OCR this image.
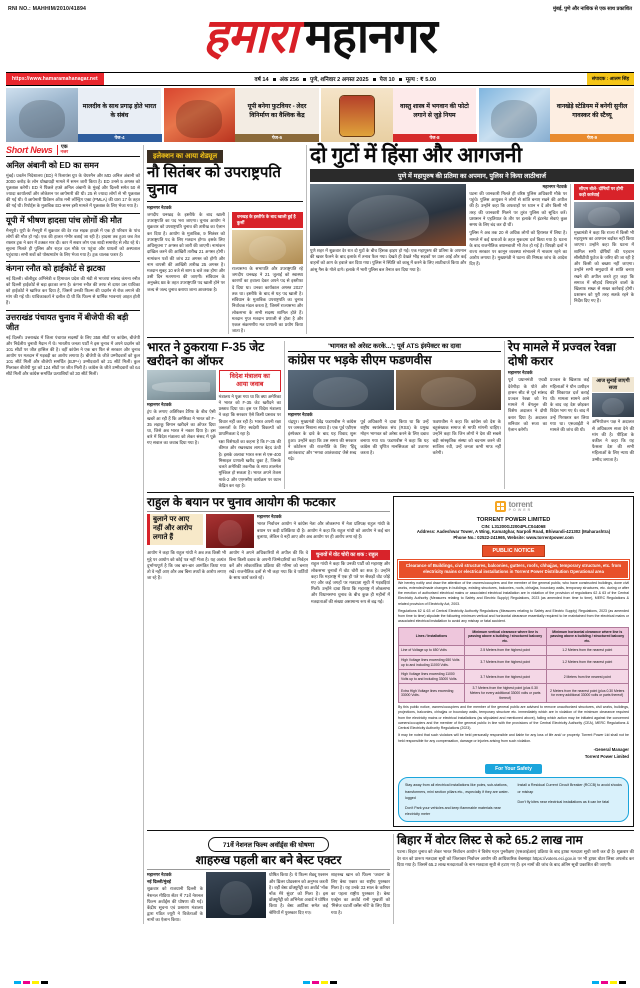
RNI NO.: MAHHIM/2010/41894	मुंबई, पुणे और नाशिक से एक साथ प्रकाशित
हमारा महानगर
https://www.hamaramahanagar.net	वर्ष 14 अंक 256 पुणे, शनिवार 2 अगस्त 2025 पेज 10 मूल्य : ₹ 5.00	संपादक : आलम सिंह
मालदीव के साथ प्रगाढ़ होते भारत के संबंध
पेज-4
यूपी बनेगा फुटवियर - लेदर विनिर्माण का वैश्विक केंद्र
पेज-6
वास्तु शास्त्र में भगवान की फोटो लगाने से जुड़े नियम
पेज-8
वानखेड़े स्टेडियम में बनेगी सुनील गावस्कर की स्टैच्यू
पेज-9
Short News	एक
नजर
अनिल अंबानी को ED का समन
मुंबई। प्रवर्तन निदेशालय (ED) ने रिलायंस ग्रुप के चेयरमैन और MD अनिल अंबानी को 3000 करोड़ के लोन धोखाधड़ी मामले में समन जारी किया है। ED उनसे 5 अगस्त को पूछताछ करेगी। ED ने पिछले हफ्ते अनिल अंबानी के मुंबई और दिल्ली समेत 50 से ज्यादा कार्यालयों और लोकेशन पर छापेमारी की थी। 25 से ज्यादा लोगों से भी पूछताछ की गई थी। ये छापेमारी प्रिवेंशन ऑफ मनी लॉन्ड्रिंग एक्ट (PMLA) की धारा 17 के तहत की गई थी। रिपोर्ट्स के मुताबिक ED समन इसी मामले में पूछताछ के लिए भेजा गया है।
यूपी में भीषण हादसा पांच लोगों की मौत
मैनपुरी। यूपी के मैनपुरी में शुक्रवार की देर रात सड़क हादसे में एक ही परिवार के पांच लोगों की मौत हो गई। एक की हालत गंभीर बताई जा रही है। हादसा तब हुआ जब तेज रफ्तार ट्रक ने कार में टक्कर मार दी। कार में सवार लोग एक शादी समारोह से लौट रहे थे। सूचना मिलते ही पुलिस और राहत दल मौके पर पहुंचा और घायलों को अस्पताल पहुंचाया। सभी शवों को पोस्टमार्टम के लिए भेजा गया है। ट्रक चालक फरार है।
कंगना रनौत को हाईकोर्ट से झटका
नई दिल्ली। बॉलीवुड अभिनेत्री व हिमाचल प्रदेश की मंडी से भाजपा सांसद कंगना रनौत को दिल्ली हाईकोर्ट से बड़ा झटका लगा है। कंगना रनौत की तरफ से दायर उस याचिका को हाईकोर्ट ने खारिज कर दिया है, जिसमें उनकी फिल्म की प्रदर्शन से रोक लगाने की मांग की गई थी। याचिकाकर्ता ने दलील दी थी कि फिल्म से धार्मिक भावनाएं आहत होती हैं।
उत्तराखंड पंचायत चुनाव में बीजेपी की बड़ी जीत
नई दिल्ली। उत्तराखंड में जिला पंचायत सदस्यों के लिए 358 सीटों पर कांग्रेस, बीजेपी और निर्दलीय चुनावी मैदान में थे। भारतीय जनता पार्टी ने इस चुनाव में अपने प्रदर्शन को 101 सीटों पर जीत हासिल की है। वहीं कांग्रेस ने एक बार फिर से सरकार और चुनाव आयोग पर मतदान में गड़बड़ी का आरोप लगाया है। बीजेपी के जीते उम्मीदवारों को कुल 101 सीटें मिलीं और बीजेपी समर्थित (BJP+) उम्मीदवारों को 21 सीटें मिलीं। कुल मिलाकर बीजेपी गुट को 124 सीटों पर जीत मिली है। कांग्रेस के जीते उम्मीदवारों को 64 सीटें मिलीं और कांग्रेस समर्थित प्रत्याशियों को 30 सीटें मिलीं।
इलेक्शन का आया शेड्यूल
नौ सितंबर को उपराष्ट्रपति चुनाव
महानगर नेटवर्क
जगदीप धनखड़ के इस्तीफे के बाद खाली उपराष्ट्रपति का पद भरा जाएगा। चुनाव आयोग ने शुक्रवार को उपराष्ट्रपति चुनाव की तारीख का ऐलान कर दिया है। आयोग के मुताबिक, 9 सितंबर को उपराष्ट्रपति पद के लिए मतदान होगा। इसके लिए अधिसूचना 7 अगस्त को जारी की जाएगी। नामांकन दाखिल करने की आखिरी तारीख 21 अगस्त होगी। नामांकन पत्रों की जांच 22 अगस्त को होगी और नाम वापसी की आखिरी तारीख 25 अगस्त है। मतदान सुबह 10 बजे से शाम 5 बजे तक होगा और उसी दिन मतगणना की जाएगी। संविधान के अनुच्छेद 68 के तहत उपराष्ट्रपति पद खाली होने पर जल्द से जल्द चुनाव कराया जाना आवश्यक है।
धनखड़ के इस्तीफे के बाद खाली हुई है कुर्सी
राज्यसभा के सभापति और उपराष्ट्रपति रहे जगदीप धनखड़ ने 21 जुलाई को स्वास्थ्य कारणों का हवाला देकर अपने पद से इस्तीफा दे दिया था। उनका कार्यकाल अगस्त 2027 तक था। इस्तीफे के बाद से यह पद खाली है। संविधान के मुताबिक उपराष्ट्रपति का चुनाव निर्वाचक मंडल करता है, जिसमें राज्यसभा और लोकसभा के सभी सदस्य शामिल होते हैं। मतदान गुप्त मतदान प्रणाली से होता है और एकल संक्रमणीय मत प्रणाली का प्रयोग किया जाता है।
दो गुटों में हिंसा और आगजनी
पुणे में महापुरुष की प्रतिमा का अपमान, पुलिस ने किया लाठीचार्ज
पुणे शहर में शुक्रवार देर रात दो गुटों के बीच हिंसक झड़प हो गई। एक महापुरुष की प्रतिमा के अपमान की खबर फैलने के बाद इलाके में तनाव फैल गया। देखते ही देखते भीड़ सड़कों पर उतर आई और कई वाहनों को आग के हवाले कर दिया गया। पुलिस ने स्थिति को काबू में करने के लिए लाठीचार्ज किया और आंसू गैस के गोले दागे। इलाके में भारी पुलिस बल तैनात कर दिया गया है।
महानगर नेटवर्क
घटना की जानकारी मिलते ही वरिष्ठ पुलिस अधिकारी मौके पर पहुंचे। पुलिस आयुक्त ने लोगों से शांति बनाए रखने की अपील की है। उन्होंने कहा कि अफवाहों पर ध्यान न दें और किसी भी तरह की जानकारी मिलने पर तुरंत पुलिस को सूचित करें। प्रशासन ने एहतियात के तौर पर इलाके में इंटरनेट सेवाएं कुछ समय के लिए बंद कर दी थीं।
पुलिस ने अब तक 20 से अधिक लोगों को हिरासत में लिया है। मामले में कई धाराओं के तहत मुकदमा दर्ज किया गया है। घटना के बाद राजनीतिक बयानबाजी भी तेज हो गई है। विपक्षी दलों ने राज्य सरकार पर कानून व्यवस्था संभालने में नाकाम रहने का आरोप लगाया है। मुख्यमंत्री ने घटना की निष्पक्ष जांच के आदेश दिए हैं।
सीएम बोले- दोषियों पर होगी कड़ी कार्रवाई
मुख्यमंत्री ने कहा कि राज्य में किसी भी महापुरुष का अपमान बर्दाश्त नहीं किया जाएगा। उन्होंने कहा कि घटना में शामिल सभी दोषियों की पहचान सीसीटीवी फुटेज के जरिए की जा रही है और किसी को बख्शा नहीं जाएगा। उन्होंने सभी समुदायों से शांति बनाए रखने की अपील करते हुए कहा कि समाज में सौहार्द बिगाड़ने वालों के खिलाफ सख्त से सख्त कार्रवाई होगी। प्रशासन को पूरी तरह सतर्क रहने के निर्देश दिए गए हैं।
भारत ने ठुकराया F-35 जेट खरीदने का ऑफर
महानगर नेटवर्क
ट्रंप के लगाए अतिरिक्त टैरिफ के बीच ऐसी खबरें आ रही हैं कि अमेरिका ने भारत को F-35 लड़ाकू विमान खरीदने का ऑफर दिया था, जिसे अब भारत ने नकार दिया है। इस बारे में विदेश मंत्रालय को लेकर संसद में पूछे गए सवाल का जवाब दिया गया है।
विदेश मंत्रालय का आया जवाब
मंत्रालय ने पूछा गया था कि क्या अमेरिका ने भारत को F-35 जेट खरीदने का प्रस्ताव दिया था। इस पर विदेश मंत्रालय ने कहा कि सरकार ऐसे किसी प्रस्ताव पर विचार नहीं कर रही है। भारत अपनी रक्षा जरूरतों के लिए स्वदेशी विकल्पों को प्राथमिकता दे रहा है।
रक्षा विशेषज्ञों का कहना है कि F-35 की कीमत और रखरखाव लागत बेहद ऊंची है। इसके अलावा भारत रूस से एस-400 मिसाइल प्रणाली खरीद चुका है, जिसके चलते अमेरिकी तकनीक के साथ तालमेल मुश्किल हो सकता है। भारत अपने तेजस मार्क-2 और एएमसीए कार्यक्रम पर ध्यान केंद्रित कर रहा है।
'भागवत को अरेस्ट करके...'; पूर्व ATS इंस्पेक्टर का दावा
कांग्रेस पर भड़के सीएम फडणवीस
महानगर नेटवर्क
चंद्रपुर। मुख्यमंत्री देवेंद्र फडणवीस ने कांग्रेस पर जमकर निशाना साधा है। एक पूर्व एटीएस इंस्पेक्टर के दावे के बाद यह विवाद शुरू हुआ। उन्होंने कहा कि उस समय की सरकार ने कोर्टरूम की राजनीति के लिए 'हिंदू आतंकवाद' और 'भगवा आतंकवाद' जैसे शब्द गढ़े।
पूर्व अधिकारी ने दावा किया था कि उन्हें राष्ट्रीय स्वयंसेवक संघ (RSS) के प्रमुख मोहन भागवत को अरेस्ट करने के लिए दबाव बनाया गया था। फडणवीस ने कहा कि यह कांग्रेस की घृणित मानसिकता को उजागर करता है।
फडणवीस ने कहा कि कांग्रेस को देश के बहुसंख्यक समाज से माफी मांगनी चाहिए। उन्होंने कहा कि जिन लोगों ने देश की सबसे बड़ी सांस्कृतिक संस्था को बदनाम करने की साजिश रची, उन्हें जनता कभी माफ नहीं करेगी।
रेप मामले में प्रज्वल रेवन्ना दोषी करार
महानगर नेटवर्क
पूर्व प्रधानमंत्री एचडी देवेगौड़ा के पोते और हासन सीट से पूर्व सांसद प्रज्वल रेवन्ना को रेप मामले में बेंगलुरु की विशेष अदालत ने दोषी करार दिया है। अदालत शनिवार को सजा का ऐलान करेगी।
प्रज्वल के खिलाफ कई महिलाओं ने यौन उत्पीड़न की शिकायत दर्ज कराई थी। मामला सामने आने के बाद वह देश छोड़कर विदेश भाग गए थे। बाद में उन्हें गिरफ्तार कर लिया गया था। एसआईटी ने मामले की जांच की थी।
आज सुनाई जाएगी सजा
अभियोजन पक्ष ने अदालत से अधिकतम सजा देने की मांग की है। पीड़िता के वकील ने कहा कि यह फैसला देश की सभी महिलाओं के लिए न्याय की उम्मीद जगाता है।
राहुल के बयान पर चुनाव आयोग की फटकार
बुलाने पर आए नहीं और आरोप लगाते हैं
महानगर नेटवर्क
भारत निर्वाचन आयोग ने कांग्रेस नेता और लोकसभा में नेता प्रतिपक्ष राहुल गांधी के बयान पर कड़ी प्रतिक्रिया दी है। आयोग ने कहा कि राहुल गांधी को आयोग ने कई बार बुलाया, लेकिन वे नहीं आए और अब आयोग पर ही आरोप लगा रहे हैं।
आयोग ने कहा कि राहुल गांधी ने अब तक किसी भी मुद्दे पर आयोग को कोई पत्र नहीं भेजा है। यह अत्यंत दुर्भाग्यपूर्ण है कि जब बार-बार आमंत्रित किया गया तो वे नहीं आए और अब बिना तथ्यों के आरोप लगाए जा रहे हैं।
आयोग ने अपने अधिकारियों से अपील की कि वे बिना किसी दबाव के अपनी जिम्मेदारियों का निर्वहन करें और लोकतांत्रिक प्रक्रिया की गरिमा को बनाए रखें। राजनीतिक दलों से भी कहा गया कि वे पार्टियों के साथ कार्य करते रहें।
चुनावों में वोट चोरी का शक : राहुल
राहुल गांधी ने कहा कि उनकी पार्टी को महाराष्ट्र और लोकसभा चुनावों में वोट चोरी का शक है। उन्होंने कहा कि महाराष्ट्र में एक ही पते पर सैकड़ों वोट जोड़े गए और कई जगहों पर मतदाता सूची में गड़बड़ियां मिलीं। उन्होंने दावा किया कि महाराष्ट्र में लोकसभा और विधानसभा चुनाव के बीच कुछ ही महीनों में मतदाताओं की संख्या असामान्य रूप से बढ़ गई।
torrent
POWER
TORRENT POWER LIMITED
CIN: L31200GJ2004PLC044068
Address: Aadeshwar Tower, A Wing, Kamatghar, Narpoli Road, Bhiwandi-421302 (Maharashtra)
Phone No.: 02522-241965, Website: www.torrentpower.com
PUBLIC NOTICE
Clearance of Buildings, civil structures, balconies, gutters, roofs, chhajjas, temporary structure, etc. from electricity mains or electrical installations in Torrent Power Distribution Operational area
We hereby notify and draw the attention of the owners/occupiers and the member of the general public, who have constructed buildings, done civil works, extended/made changes in buildings, existing structures, balconies, roofs, chhajjas, boundary walls, temporary structures, etc. during or after the erection of authorised electrical mains or associated electrical installation are in violation of the provision of regulations 62 & 63 of the Central Electricity Authority (Measures relating to Safety and Electric Supply) Regulations, 2023 (as amended from time to time), MERC Regulations & related provision of Electricity Act, 2003.
Regulations 62 & 63 of Central Electricity Authority Regulations (Measures relating to Safety and Electric Supply) Regulations, 2023 (as amended from time to time) stipulate the following minimum vertical and horizontal clearance essentially required to be maintained from the electrical mains or associated electrical installation to avoid any mishap or fatal accident.
Lines / Installations	Minimum vertical clearance where line is passing above a building / structured balcony etc.	Minimum horizontal clearance where line is passing above a building / structured balcony etc.
Line of Voltage up to 650 Volts	2.5 Meters from the highest point	1.2 Meters from the nearest point
High Voltage lines exceeding 650 Volts up to and including 11000 Volts.	3.7 Meters from the highest point	1.2 Meters from the nearest point
High Voltage lines exceeding 11000 Volts up to and including 33000 Volts.	3.7 Meters from the highest point	2 Meters from the nearest point
Extra High Voltage lines exceeding 33000 Volts.	3.7 Meters from the highest point (plus 0.30 Meters for every additional 33000 volts or parts thereof)	2 Meters from the nearest point (plus 0.30 Meters for every additional 33000 volts or parts thereof)
By this public notice, owners/occupiers and the member of the general public are advised to remove unauthorized structures, civil works, buildings, projections, balconies, chhajjas or boundary walls, temporary structure etc. immediately which are in violation of the minimum clearance required from the electricity mains or electrical installations (as stipulated and mentioned above), failing which action may be initiated against the concerned owners/occupiers and the member of the general public in line with the provisions of the Central Electricity Authority (CEA), MERC Regulations & Central Electricity Authority Regulations (2023).
It may be noted that such violators will be held personally responsible and liable for any loss of life and/ or property. Torrent Power Ltd shall not be held responsible for any compensation, damage or injuries arising from such violation.
-General Manager
Torrent Power Limited
For Your Safety

Stay away from all electrical installations like poles, sub-stations, transformers, mini section pillars etc., especially if they are water-logged

Don't Park your vehicles and keep flammable materials near electricity meter

Install a Residual Current Circuit Breaker (RCCB) to avoid shocks or mishap

Don't fly kites near electrical installations as it can be fatal

71वें नेशनल फिल्म अवॉर्ड्स की घोषणा
शाहरुख पहली बार बने बेस्ट एक्टर
महानगर नेटवर्क
नई दिल्ली/मुंबई
शुक्रवार को राजधानी दिल्ली के नेशनल मीडिया सेंटर में 71वें नेशनल फिल्म अवॉर्ड्स की घोषणा की गई। केंद्रीय सूचना एवं प्रसारण मंत्रालय द्वारा गठित ज्यूरी ने विजेताओं के नामों का ऐलान किया।
घोषित किया है। ये फिल्म शेड्यू एक्शन और थ्रिलर प्रोडक्शन को अनुभव करती है। वहीं बेस्ट डॉक्यूमेंट्री का अवॉर्ड 'नॉक नॉक मेरे सुंदर' को मिला है। इस डॉक्यूमेंट्री को अभिनेता अवार्ड ने घोषित किया है। बेस्ट आर्टिस्ट समेत कई श्रेणियों में पुरस्कार दिए गए।
शाहरुख खान को फिल्म 'जवान' के लिए बेस्ट एक्टर का राष्ट्रीय पुरस्कार मिला है। यह उनके 33 साल के करियर का पहला राष्ट्रीय पुरस्कार है। बेस्ट एक्ट्रेस का अवॉर्ड रानी मुखर्जी को 'मिसेज चटर्जी वर्सेस नॉर्वे' के लिए दिया गया है।
बिहार में वोटर लिस्ट से कटे 65.2 लाख नाम
पटना। बिहार चुनाव को लेकर भारत निर्वाचन आयोग ने विशेष गहन पुनरीक्षण (एसआईआर) प्रक्रिया के बाद ड्राफ्ट मतदाता सूची जारी कर दी है। शुक्रवार की देर रात को प्रारूप मतदाता सूची को जिलावार निर्वाचन आयोग की आधिकारिक वेबसाइट https://voters.eci.gov.in पर भी ड्राफ्ट वोटर लिस्ट अपलोड कर दिया गया है। जिसमें 65.2 लाख मतदाताओं के नाम मतदाता सूची से हटाए गए हैं। इन नामों की जांच के बाद अंतिम सूची प्रकाशित की जाएगी।
